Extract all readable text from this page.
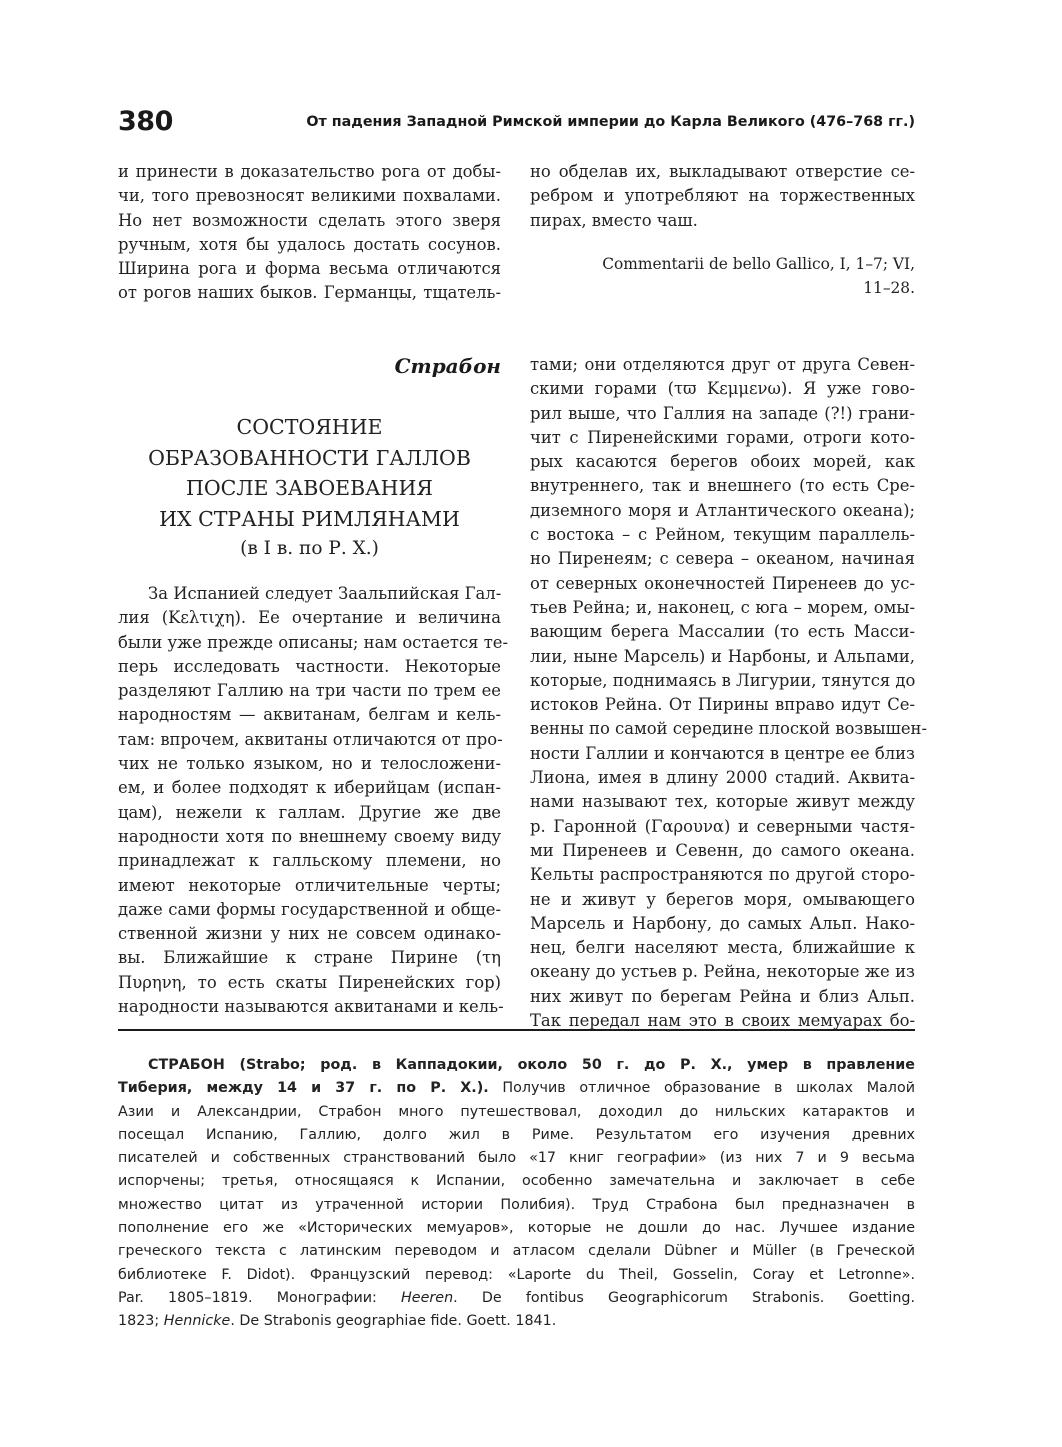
380	От падения Западной Римской империи до Карла Великого (476–768 гг.)
и принести в доказательство рога от добы-
чи, того превозносят великими похвалами.
Но нет возможности сделать этого зверя
ручным, хотя бы удалось достать сосунов.
Ширина рога и форма весьма отличаются
от рогов наших быков. Германцы, тщатель-
но обделав их, выкладывают отверстие се-
ребром и употребляют на торжественных
пирах, вместо чаш.
Commentarii de bello Gallico, I, 1–7; VI,
11–28.
Страбон
СОСТОЯНИЕ
ОБРАЗОВАННОСТИ ГАЛЛОВ
ПОСЛЕ ЗАВОЕВАНИЯ
ИХ СТРАНЫ РИМЛЯНАМИ
(в I в. по Р. Х.)
За Испанией следует Заальпийская Гал-
лия (Κελτιχη). Ее очертание и величина
были уже прежде описаны; нам остается те-
перь исследовать частности. Некоторые
разделяют Галлию на три части по трем ее
народностям — аквитанам, белгам и кель-
там: впрочем, аквитаны отличаются от про-
чих не только языком, но и телосложени-
ем, и более подходят к иберийцам (испан-
цам), нежели к галлам. Другие же две
народности хотя по внешнему своему виду
принадлежат к галльскому племени, но
имеют некоторые отличительные черты;
даже сами формы государственной и обще-
ственной жизни у них не совсем одинако-
вы. Ближайшие к стране Пирине (τη
Πυρηνη, то есть скаты Пиренейских гор)
народности называются аквитанами и кель-
тами; они отделяются друг от друга Севен-
скими горами (τϖ Κεμμενω). Я уже гово-
рил выше, что Галлия на западе (?!) грани-
чит с Пиренейскими горами, отроги кото-
рых касаются берегов обоих морей, как
внутреннего, так и внешнего (то есть Сре-
диземного моря и Атлантического океана);
с востока – с Рейном, текущим параллель-
но Пиренеям; с севера – океаном, начиная
от северных оконечностей Пиренеев до ус-
тьев Рейна; и, наконец, с юга – морем, омы-
вающим берега Массалии (то есть Масси-
лии, ныне Марсель) и Нарбоны, и Альпами,
которые, поднимаясь в Лигурии, тянутся до
истоков Рейна. От Пирины вправо идут Се-
венны по самой середине плоской возвышен-
ности Галлии и кончаются в центре ее близ
Лиона, имея в длину 2000 стадий. Аквита-
нами называют тех, которые живут между
р. Гаронной (Γαρουνα) и северными частя-
ми Пиренеев и Севенн, до самого океана.
Кельты распространяются по другой сторо-
не и живут у берегов моря, омывающего
Марсель и Нарбону, до самых Альп. Нако-
нец, белги населяют места, ближайшие к
океану до устьев р. Рейна, некоторые же из
них живут по берегам Рейна и близ Альп.
Так передал нам это в своих мемуарах бо-
СТРАБОН (Strabo; род. в Каппадокии, около 50 г. до Р. Х., умер в правление
Тиберия, между 14 и 37 г. по Р. Х.). Получив отличное образование в школах Малой
Азии и Александрии, Страбон много путешествовал, доходил до нильских катарактов и
посещал Испанию, Галлию, долго жил в Риме. Результатом его изучения древних
писателей и собственных странствований было «17 книг географии» (из них 7 и 9 весьма
испорчены; третья, относящаяся к Испании, особенно замечательна и заключает в себе
множество цитат из утраченной истории Полибия). Труд Страбона был предназначен в
пополнение его же «Исторических мемуаров», которые не дошли до нас. Лучшее издание
греческого текста с латинским переводом и атласом сделали Dübner и Müller (в Греческой
библиотеке F. Didot). Французский перевод: «Laporte du Theil, Gosselin, Coray et Letronne».
Par. 1805–1819. Монографии: Heeren. De fontibus Geographicorum Strabonis. Goetting.
1823; Hennicke. De Strabonis geographiae fide. Goett. 1841.
